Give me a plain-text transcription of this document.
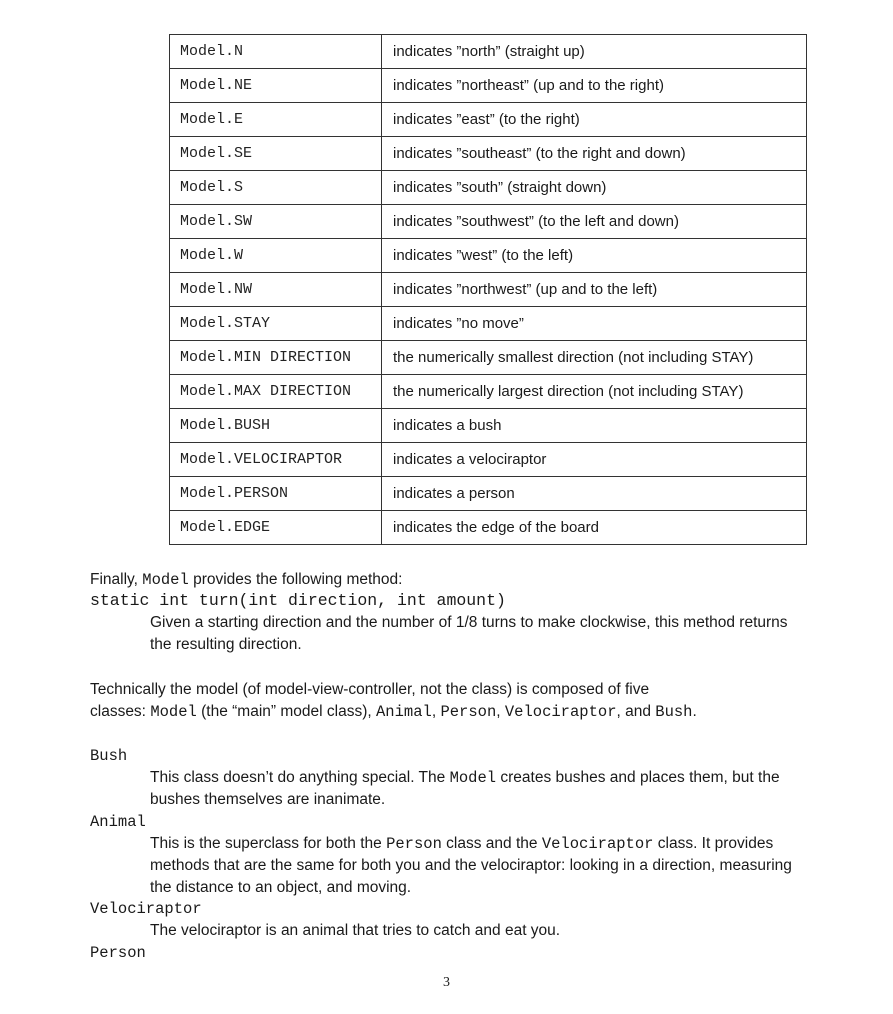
Model.N	indicates ”north” (straight up)
Model.NE	indicates ”northeast” (up and to the right)
Model.E	indicates ”east” (to the right)
Model.SE	indicates ”southeast” (to the right and down)
Model.S	indicates ”south” (straight down)
Model.SW	indicates ”southwest” (to the left and down)
Model.W	indicates ”west” (to the left)
Model.NW	indicates ”northwest” (up and to the left)
Model.STAY	indicates ”no move”
Model.MIN DIRECTION	the numerically smallest direction (not including STAY)
Model.MAX DIRECTION	the numerically largest direction (not including STAY)
Model.BUSH	indicates a bush
Model.VELOCIRAPTOR	indicates a velociraptor
Model.PERSON	indicates a person
Model.EDGE	indicates the edge of the board

Finally, Model provides the following method:

static int turn(int direction, int amount)

Given a starting direction and the number of 1/8 turns to make clockwise, this method returns the resulting direction.

Technically the model (of model-view-controller, not the class) is composed of five
classes: Model (the “main” model class), Animal, Person, Velociraptor, and Bush.

Bush

This class doesn’t do anything special. The Model creates bushes and places them, but the bushes themselves are inanimate.

Animal

This is the superclass for both the Person class and the Velociraptor class. It provides methods that are the same for both you and the velociraptor: looking in a direction, measuring the distance to an object, and moving.

Velociraptor

The velociraptor is an animal that tries to catch and eat you.

Person

3
